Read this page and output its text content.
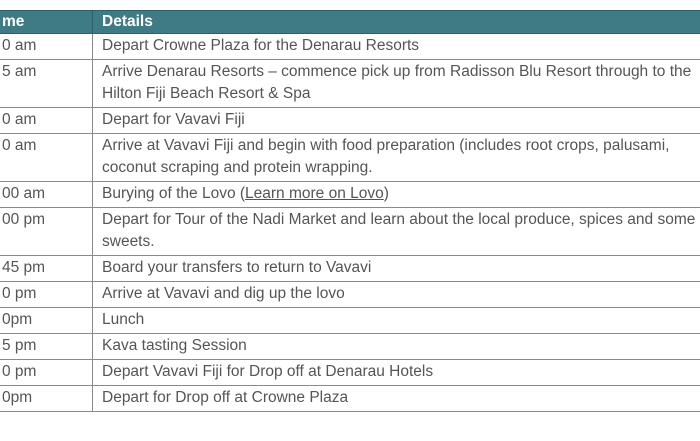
me	Details
0 am	Depart Crowne Plaza for the Denarau Resorts

5 am	Arrive Denarau Resorts – commence pick up from Radisson Blu Resort through to the Hilton Fiji Beach Resort & Spa

0 am	Depart for Vavavi Fiji

0 am	Arrive at Vavavi Fiji and begin with food preparation (includes root crops, palusami, coconut scraping and protein wrapping.

00 am	Burying of the Lovo (Learn more on Lovo)

00 pm	Depart for Tour of the Nadi Market and learn about the local produce, spices and some sweets.

45 pm	Board your transfers to return to Vavavi

0 pm	Arrive at Vavavi and dig up the lovo

0pm	Lunch

5 pm	Kava tasting Session

0 pm	Depart Vavavi Fiji for Drop off at Denarau Hotels

0pm	Depart for Drop off at Crowne Plaza
